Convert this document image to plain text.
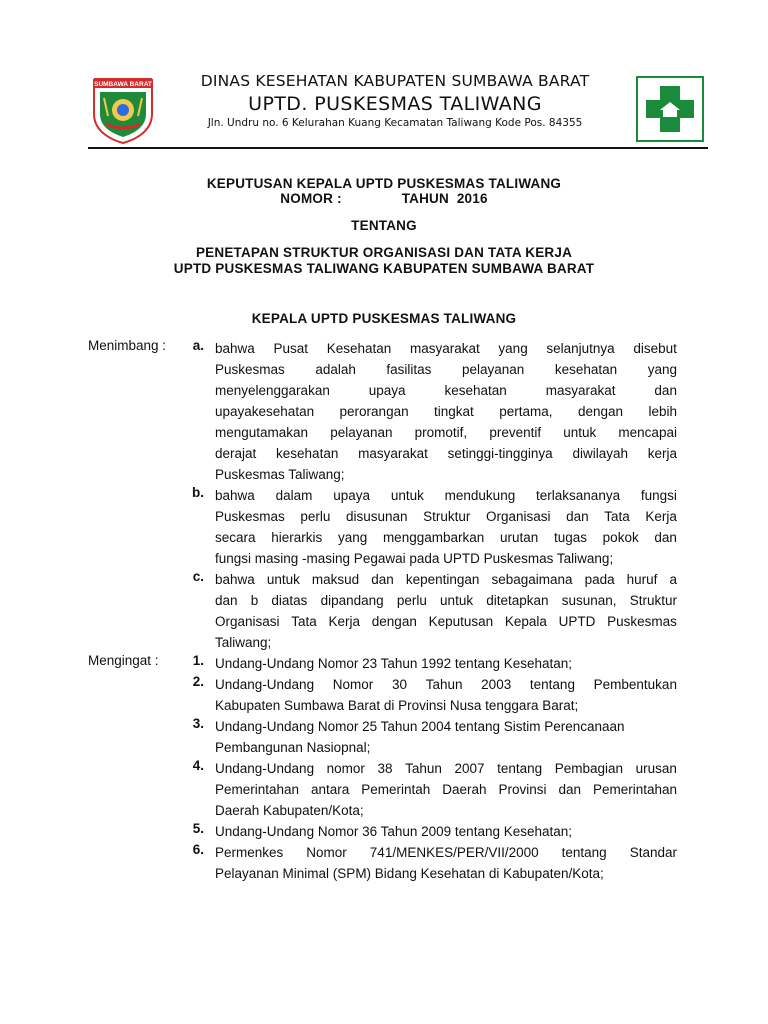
SUMBAWA BARAT	DINAS KESEHATAN KABUPATEN SUMBAWA BARAT
UPTD. PUSKESMAS TALIWANG
Jln. Undru no. 6 Kelurahan Kuang Kecamatan Taliwang Kode Pos. 84355
KEPUTUSAN KEPALA UPTD PUSKESMAS TALIWANG
NOMOR :	TAHUN  2016
TENTANG
PENETAPAN STRUKTUR ORGANISASI DAN TATA KERJA
UPTD PUSKESMAS TALIWANG KABUPATEN SUMBAWA BARAT
KEPALA UPTD PUSKESMAS TALIWANG
Menimbang :	a. bahwa Pusat Kesehatan masyarakat yang selanjutnya disebut
Puskesmas adalah fasilitas pelayanan kesehatan yang
menyelenggarakan	upaya	kesehatan	masyarakat	dan
upayakesehatan perorangan tingkat pertama, dengan lebih
mengutamakan pelayanan promotif, preventif untuk mencapai
derajat kesehatan masyarakat setinggi-tingginya diwilayah kerja
Puskesmas Taliwang;
b. bahwa dalam upaya untuk mendukung terlaksananya fungsi
Puskesmas perlu disusunan Struktur Organisasi dan Tata Kerja
secara hierarkis yang menggambarkan urutan tugas pokok dan
fungsi masing -masing Pegawai pada UPTD Puskesmas Taliwang;
c. bahwa untuk maksud dan kepentingan sebagaimana pada huruf a
dan b diatas dipandang perlu untuk ditetapkan susunan, Struktur
Organisasi Tata Kerja dengan Keputusan Kepala UPTD Puskesmas
Taliwang;
Mengingat :	1. Undang-Undang Nomor 23 Tahun 1992 tentang Kesehatan;
2. Undang-Undang Nomor 30 Tahun 2003 tentang Pembentukan
Kabupaten Sumbawa Barat di Provinsi Nusa tenggara Barat;
3. Undang-Undang Nomor 25 Tahun 2004 tentang Sistim Perencanaan
Pembangunan Nasiopnal;
4. Undang-Undang nomor 38 Tahun 2007 tentang Pembagian urusan
Pemerintahan antara Pemerintah Daerah Provinsi dan Pemerintahan
Daerah Kabupaten/Kota;
5. Undang-Undang Nomor 36 Tahun 2009 tentang Kesehatan;
6. Permenkes Nomor 741/MENKES/PER/VII/2000 tentang Standar
Pelayanan Minimal (SPM) Bidang Kesehatan di Kabupaten/Kota;
